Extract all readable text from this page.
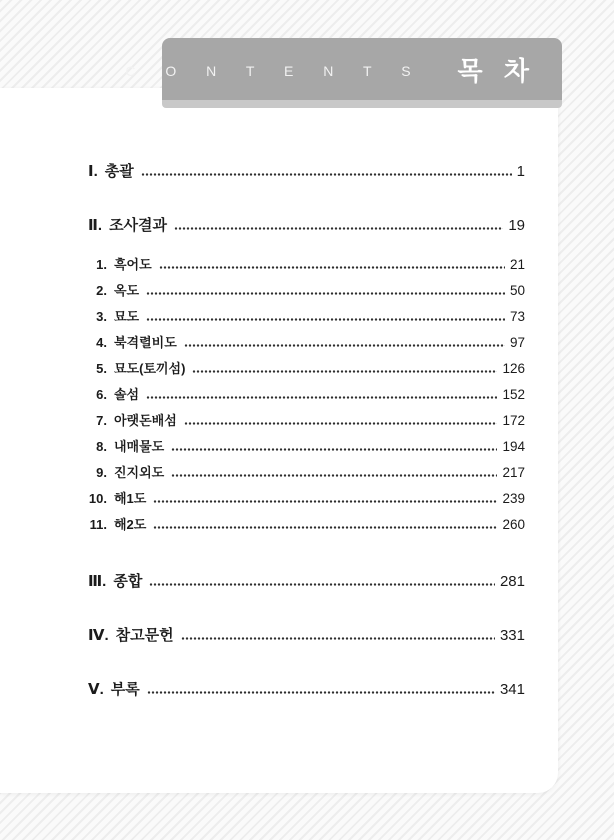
C O N T E N T S 목 차
Ⅰ. 총괄	1
Ⅱ. 조사결과	19
1. 흑어도	21
2. 옥도	50
3. 묘도	73
4. 북격렬비도	97
5. 묘도(토끼섬)	126
6. 솔섬	152
7. 아랫돈배섬	172
8. 내매물도	194
9. 진지외도	217
10. 해1도	239
11. 해2도	260
Ⅲ. 종합	281
Ⅳ. 참고문헌	331
Ⅴ. 부록	341
